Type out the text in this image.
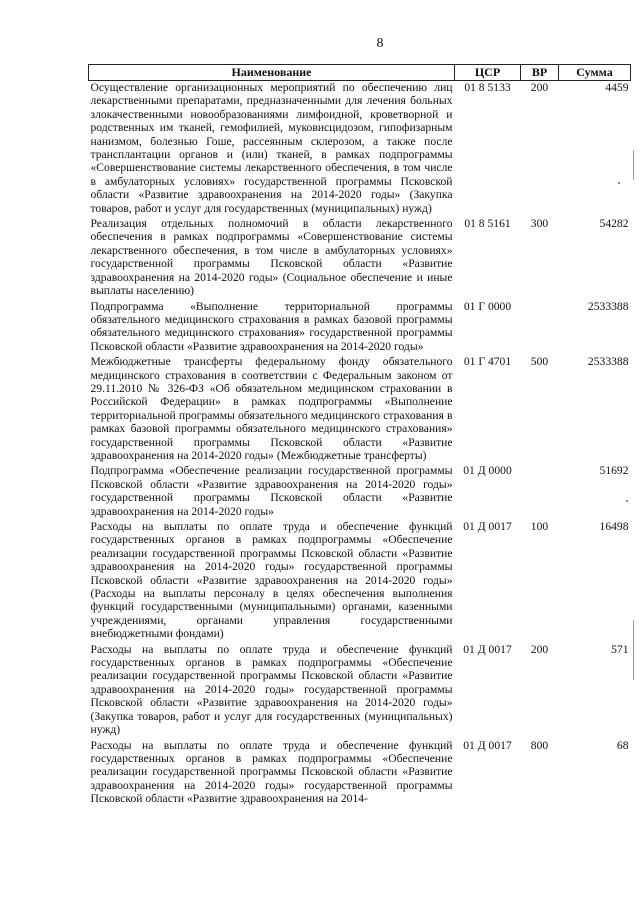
8
Наименование	ЦСР	ВР	Сумма
Осуществление организационных мероприятий по обеспечению лиц лекарственными препаратами, предназначенными для лечения больных злокачественными новообразованиями лимфоидной, кроветворной и родственных им тканей, гемофилией, муковисцидозом, гипофизарным нанизмом, болезнью Гоше, рассеянным склерозом, а также после трансплантации органов и (или) тканей, в рамках подпрограммы «Совершенствование системы лекарственного обеспечения, в том числе в амбулаторных условиях» государственной программы Псковской области «Развитие здравоохранения на 2014-2020 годы» (Закупка товаров, работ и услуг для государственных (муниципальных) нужд)	01 8 5133	200	4459
Реализация отдельных полномочий в области лекарственного обеспечения в рамках подпрограммы «Совершенствование системы лекарственного обеспечения, в том числе в амбулаторных условиях» государственной программы Псковской области «Развитие здравоохранения на 2014-2020 годы» (Социальное обеспечение и иные выплаты населению)	01 8 5161	300	54282
Подпрограмма «Выполнение территориальной программы обязательного медицинского страхования в рамках базовой программы обязательного медицинского страхования» государственной программы Псковской области «Развитие здравоохранения на 2014-2020 годы»	01 Г 0000		2533388
Межбюджетные трансферты федеральному фонду обязательного медицинского страхования в соответствии с Федеральным законом от 29.11.2010 № 326-ФЗ «Об обязательном медицинском страховании в Российской Федерации» в рамках подпрограммы «Выполнение территориальной программы обязательного медицинского страхования в рамках базовой программы обязательного медицинского страхования» государственной программы Псковской области «Развитие здравоохранения на 2014-2020 годы» (Межбюджетные трансферты)	01 Г 4701	500	2533388
Подпрограмма «Обеспечение реализации государственной программы Псковской области «Развитие здравоохранения на 2014-2020 годы» государственной программы Псковской области «Развитие здравоохранения на 2014-2020 годы»	01 Д 0000		51692
Расходы на выплаты по оплате труда и обеспечение функций государственных органов в рамках подпрограммы «Обеспечение реализации государственной программы Псковской области «Развитие здравоохранения на 2014-2020 годы» государственной программы Псковской области «Развитие здравоохранения на 2014-2020 годы» (Расходы на выплаты персоналу в целях обеспечения выполнения функций государственными (муниципальными) органами, казенными учреждениями, органами управления государственными внебюджетными фондами)	01 Д 0017	100	16498
Расходы на выплаты по оплате труда и обеспечение функций государственных органов в рамках подпрограммы «Обеспечение реализации государственной программы Псковской области «Развитие здравоохранения на 2014-2020 годы» государственной программы Псковской области «Развитие здравоохранения на 2014-2020 годы» (Закупка товаров, работ и услуг для государственных (муниципальных) нужд)	01 Д 0017	200	571
Расходы на выплаты по оплате труда и обеспечение функций государственных органов в рамках подпрограммы «Обеспечение реализации государственной программы Псковской области «Развитие здравоохранения на 2014-2020 годы» государственной программы Псковской области «Развитие здравоохранения на 2014-	01 Д 0017	800	68
